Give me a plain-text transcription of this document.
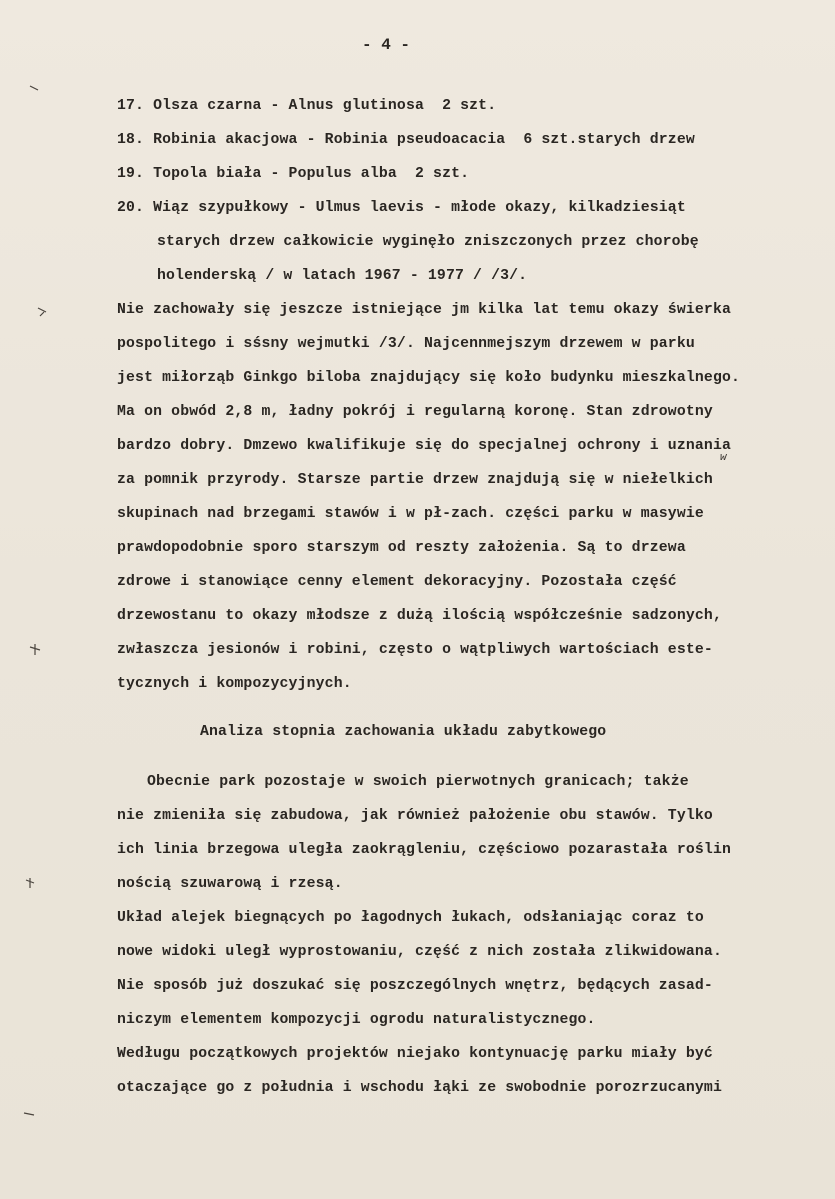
- 4 -
17. Olsza czarna - Alnus glutinosa  2 szt.
18. Robinia akacjowa - Robinia pseudoacacia  6 szt.starych drzew
19. Topola biała - Populus alba  2 szt.
20. Wiąz szypułkowy - Ulmus laevis - młode okazy, kilkadziesiąt
starych drzew całkowicie wyginęło zniszczonych przez chorobę
holenderską / w latach 1967 - 1977 / /3/.
Nie zachowały się jeszcze istniejące jm kilka lat temu okazy świerka
pospolitego i sśsny wejmutki /3/. Najcennmejszym drzewem w parku
jest miłorząb Ginkgo biloba znajdujący się koło budynku mieszkalnego.
Ma on obwód 2,8 m, ładny pokrój i regularną koronę. Stan zdrowotny
bardzo dobry. Dmzewo kwalifikuje się do specjalnej ochrony i uznania
za pomnik przyrody. Starsze partie drzew znajdują się w niełelkich
skupinach nad brzegami stawów i w pł-zach. części parku w masywie
prawdopodobnie sporo starszym od reszty założenia. Są to drzewa
zdrowe i stanowiące cenny element dekoracyjny. Pozostała część
drzewostanu to okazy młodsze z dużą ilością współcześnie sadzonych,
zwłaszcza jesionów i robini, często o wątpliwych wartościach este-
tycznych i kompozycyjnych.
Analiza stopnia zachowania układu zabytkowego
Obecnie park pozostaje w swoich pierwotnych granicach; także
nie zmieniła się zabudowa, jak również pałożenie obu stawów. Tylko
ich linia brzegowa uległa zaokrągleniu, częściowo pozarastała roślin
nością szuwarową i rzesą.
Układ alejek biegnących po łagodnych łukach, odsłaniając coraz to
nowe widoki uległ wyprostowaniu, część z nich została zlikwidowana.
Nie sposób już doszukać się poszczególnych wnętrz, będących zasad-
niczym elementem kompozycji ogrodu naturalistycznego.
Wedługu początkowych projektów niejako kontynuację parku miały być
otaczające go z południa i wschodu łąki ze swobodnie porozrzucanymi
w
